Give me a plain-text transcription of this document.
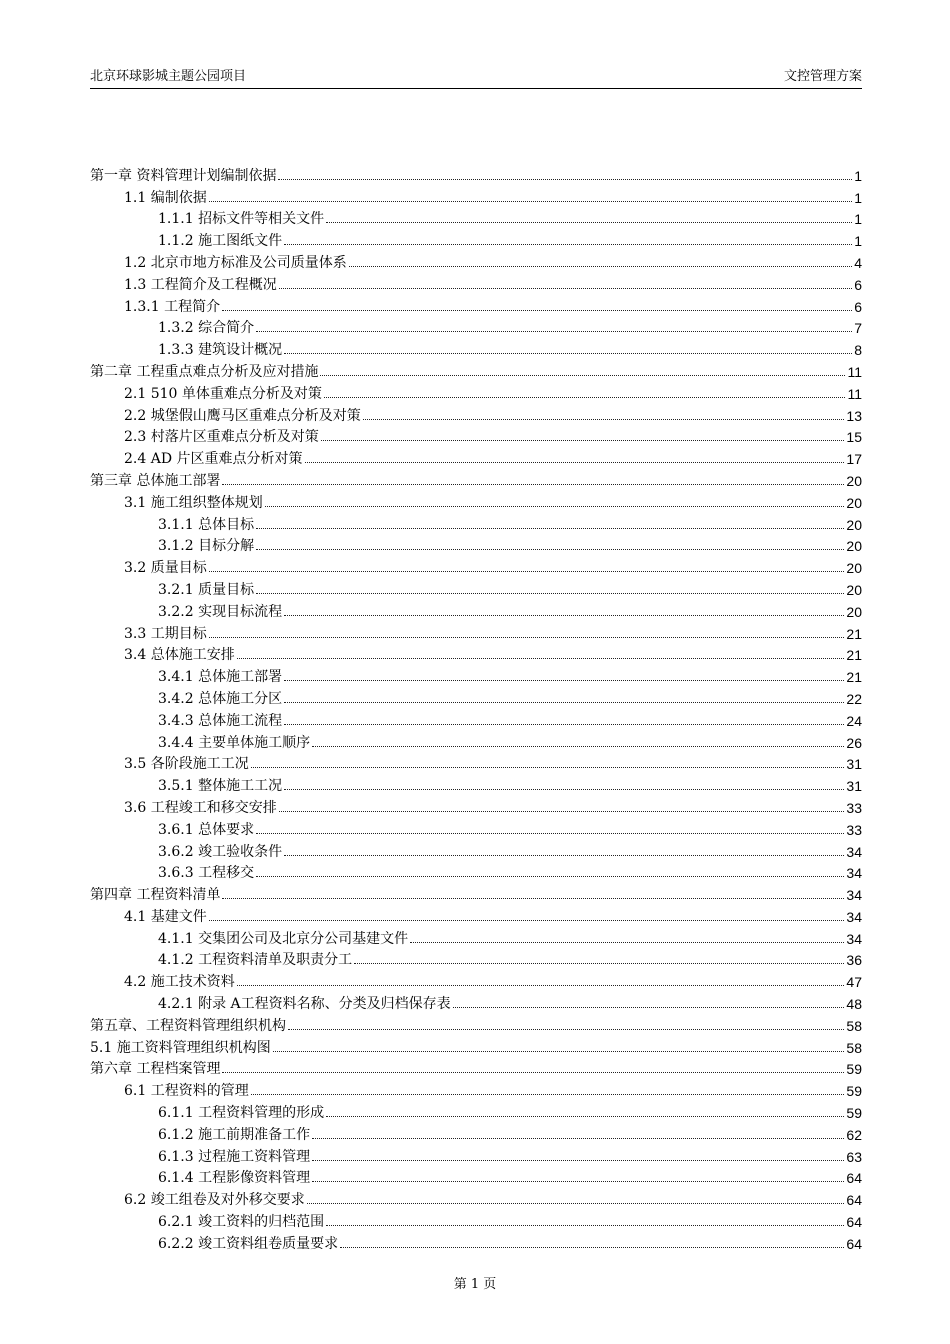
北京环球影城主题公园项目	文控管理方案
第一章 资料管理计划编制依据	1
1.1 编制依据	1
1.1.1 招标文件等相关文件	1
1.1.2 施工图纸文件	1
1.2 北京市地方标准及公司质量体系	4
1.3 工程简介及工程概况	6
1.3.1 工程简介	6
1.3.2 综合简介	7
1.3.3 建筑设计概况	8
第二章 工程重点难点分析及应对措施	11
2.1 510 单体重难点分析及对策	11
2.2 城堡假山鹰马区重难点分析及对策	13
2.3 村落片区重难点分析及对策	15
2.4 AD 片区重难点分析对策	17
第三章 总体施工部署	20
3.1 施工组织整体规划	20
3.1.1 总体目标	20
3.1.2 目标分解	20
3.2 质量目标	20
3.2.1 质量目标	20
3.2.2 实现目标流程	20
3.3 工期目标	21
3.4 总体施工安排	21
3.4.1 总体施工部署	21
3.4.2 总体施工分区	22
3.4.3 总体施工流程	24
3.4.4 主要单体施工顺序	26
3.5 各阶段施工工况	31
3.5.1 整体施工工况	31
3.6 工程竣工和移交安排	33
3.6.1 总体要求	33
3.6.2 竣工验收条件	34
3.6.3 工程移交	34
第四章 工程资料清单	34
4.1 基建文件	34
4.1.1 交集团公司及北京分公司基建文件	34
4.1.2 工程资料清单及职责分工	36
4.2 施工技术资料	47
4.2.1 附录 A工程资料名称、分类及归档保存表	48
第五章、工程资料管理组织机构	58
5.1 施工资料管理组织机构图	58
第六章 工程档案管理	59
6.1 工程资料的管理	59
6.1.1 工程资料管理的形成	59
6.1.2 施工前期准备工作	62
6.1.3 过程施工资料管理	63
6.1.4 工程影像资料管理	64
6.2 竣工组卷及对外移交要求	64
6.2.1 竣工资料的归档范围	64
6.2.2 竣工资料组卷质量要求	64
第 1 页
